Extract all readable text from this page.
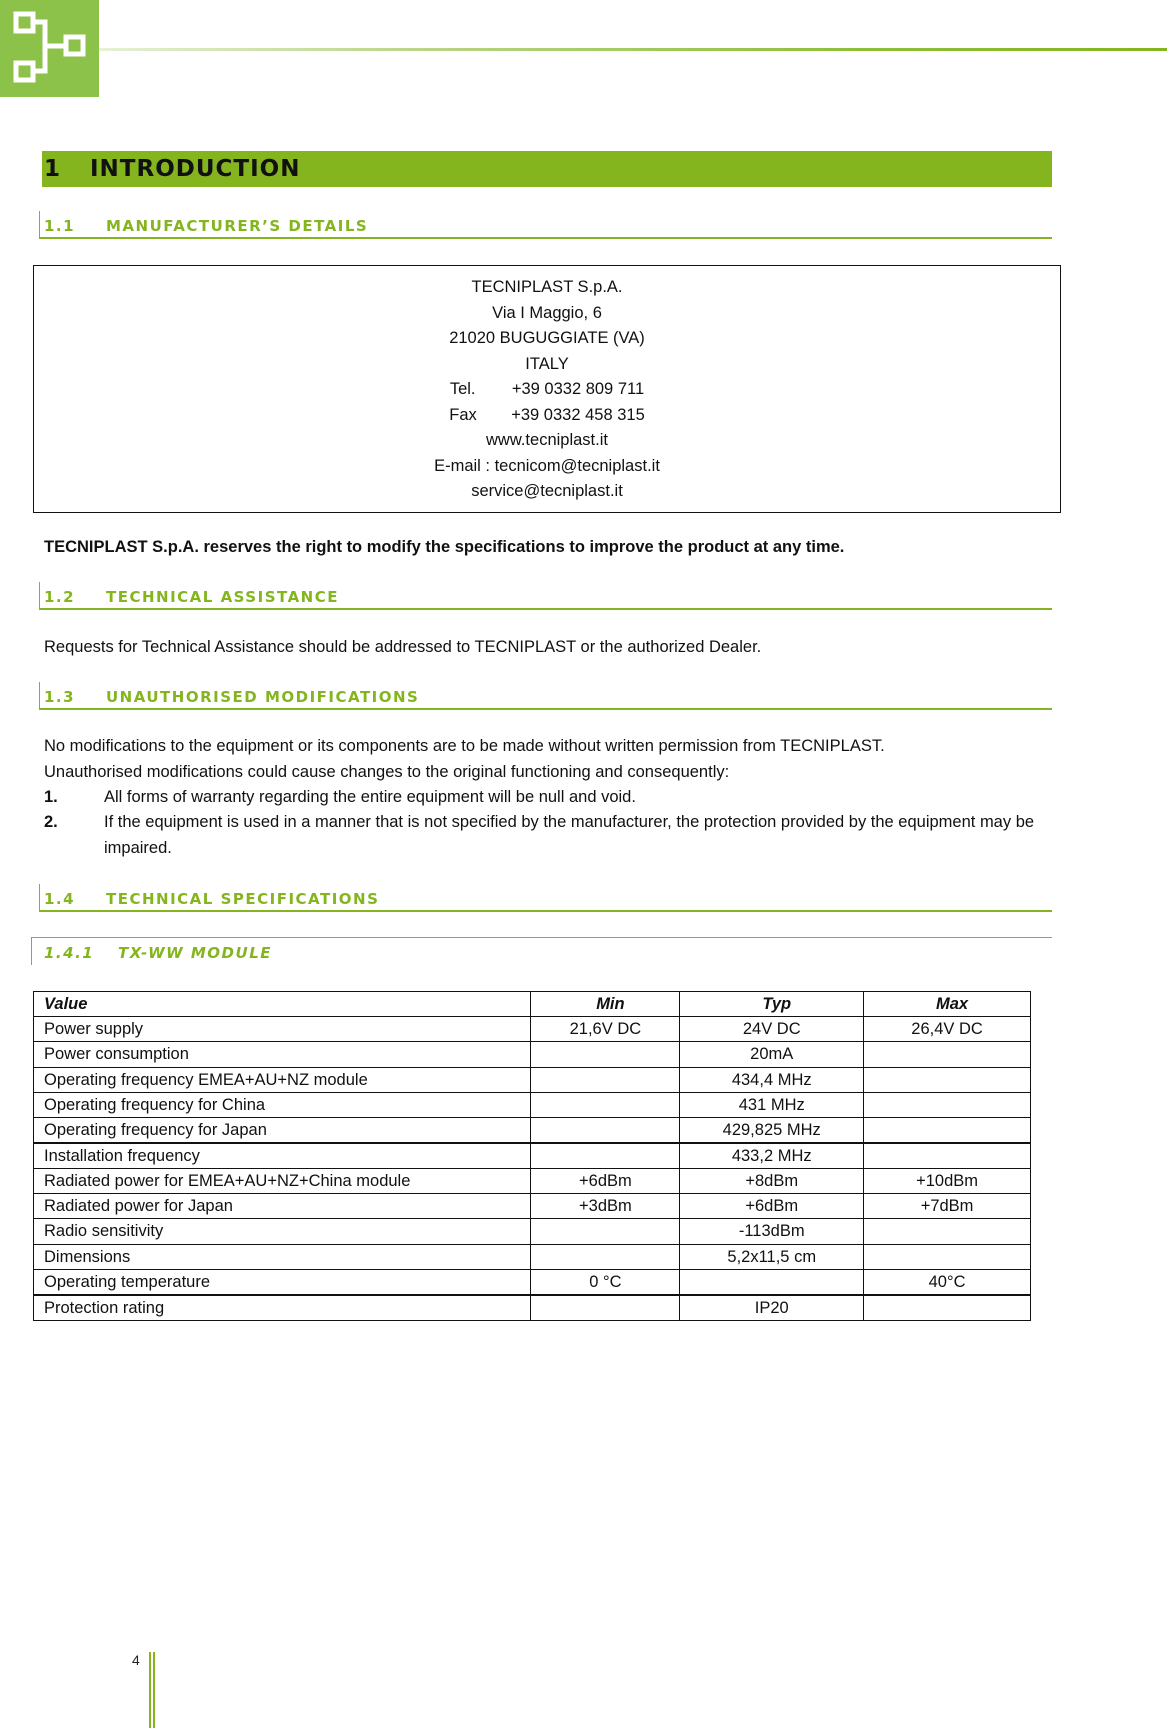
1 INTRODUCTION
1.1 MANUFACTURER’S DETAILS
TECNIPLAST S.p.A.
Via I Maggio, 6
21020 BUGUGGIATE (VA)
ITALY
Tel. +39 0332 809 711
Fax +39 0332 458 315
www.tecniplast.it
E-mail : tecnicom@tecniplast.it
service@tecniplast.it
TECNIPLAST S.p.A. reserves the right to modify the specifications to improve the product at any time.
1.2 TECHNICAL ASSISTANCE
Requests for Technical Assistance should be addressed to TECNIPLAST or the authorized Dealer.
1.3 UNAUTHORISED MODIFICATIONS
No modifications to the equipment or its components are to be made without written permission from TECNIPLAST.
Unauthorised modifications could cause changes to the original functioning and consequently:
1.	All forms of warranty regarding the entire equipment will be null and void.
2.	If the equipment is used in a manner that is not specified by the manufacturer, the protection provided by the equipment may be impaired.
1.4 TECHNICAL SPECIFICATIONS
1.4.1 TX-WW MODULE
Value	Min	Typ	Max
Power supply	21,6V DC	24V DC	26,4V DC
Power consumption		20mA	
Operating frequency EMEA+AU+NZ module		434,4 MHz	
Operating frequency for China		431 MHz	
Operating frequency for Japan		429,825 MHz	
Installation frequency		433,2 MHz	
Radiated power for EMEA+AU+NZ+China module	+6dBm	+8dBm	+10dBm
Radiated power for Japan	+3dBm	+6dBm	+7dBm
Radio sensitivity		-113dBm	
Dimensions		5,2x11,5 cm	
Operating temperature	0 °C		40°C
Protection rating		IP20	
4
